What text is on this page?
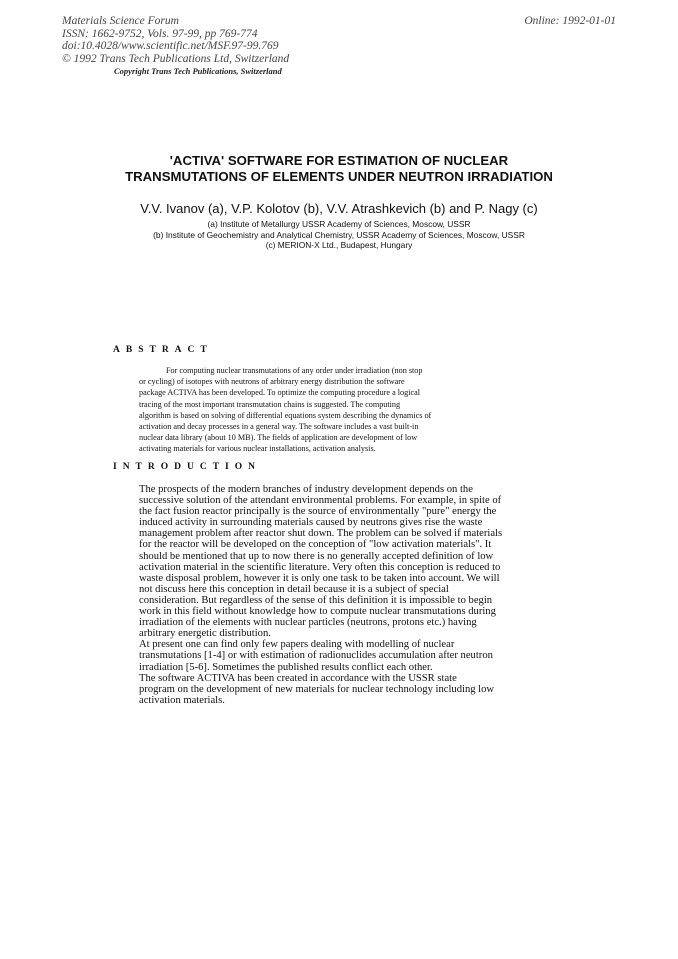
Materials Science Forum
ISSN: 1662-9752, Vols. 97-99, pp 769-774
doi:10.4028/www.scientific.net/MSF.97-99.769
© 1992 Trans Tech Publications Ltd, Switzerland
Online: 1992-01-01
Copyright Trans Tech Publications, Switzerland
'ACTIVA' SOFTWARE FOR ESTIMATION OF NUCLEAR
TRANSMUTATIONS OF ELEMENTS UNDER NEUTRON IRRADIATION
V.V. Ivanov (a), V.P. Kolotov (b), V.V. Atrashkevich (b) and P. Nagy (c)
(a) Institute of Metallurgy USSR Academy of Sciences, Moscow, USSR
(b) Institute of Geochemistry and Analytical Chemistry, USSR Academy of Sciences, Moscow, USSR
(c) MERION-X Ltd., Budapest, Hungary
ABSTRACT
For computing nuclear transmutations of any order under irradiation (non stop
or cycling) of isotopes with neutrons of arbitrary energy distribution the software
package ACTIVA has been developed. To optimize the computing procedure a logical
tracing of the most important transmutation chains is suggested. The computing
algorithm is based on solving of differential equations system describing the dynamics of
activation and decay processes in a general way. The software includes a vast built-in
nuclear data library (about 10 MB). The fields of application are development of low
activating materials for various nuclear installations, activation analysis.
INTRODUCTION
The prospects of the modern branches of industry development depends on the
successive solution of the attendant environmental problems. For example, in spite of
the fact fusion reactor principally is the source of environmentally "pure" energy the
induced activity in surrounding materials caused by neutrons gives rise the waste
management problem after reactor shut down. The problem can be solved if materials
for the reactor will be developed on the conception of "low activation materials". It
should be mentioned that up to now there is no generally accepted definition of low
activation material in the scientific literature. Very often this conception is reduced to
waste disposal problem, however it is only one task to be taken into account. We will
not discuss here this conception in detail because it is a subject of special
consideration. But regardless of the sense of this definition it is impossible to begin
work in this field without knowledge how to compute nuclear transmutations during
irradiation of the elements with nuclear particles (neutrons, protons etc.) having
arbitrary energetic distribution.
At present one can find only few papers dealing with modelling of nuclear
transmutations [1-4] or with estimation of radionuclides accumulation after neutron
irradiation [5-6]. Sometimes the published results conflict each other.
The software ACTIVA has been created in accordance with the USSR state
program on the development of new materials for nuclear technology including low
activation materials.
